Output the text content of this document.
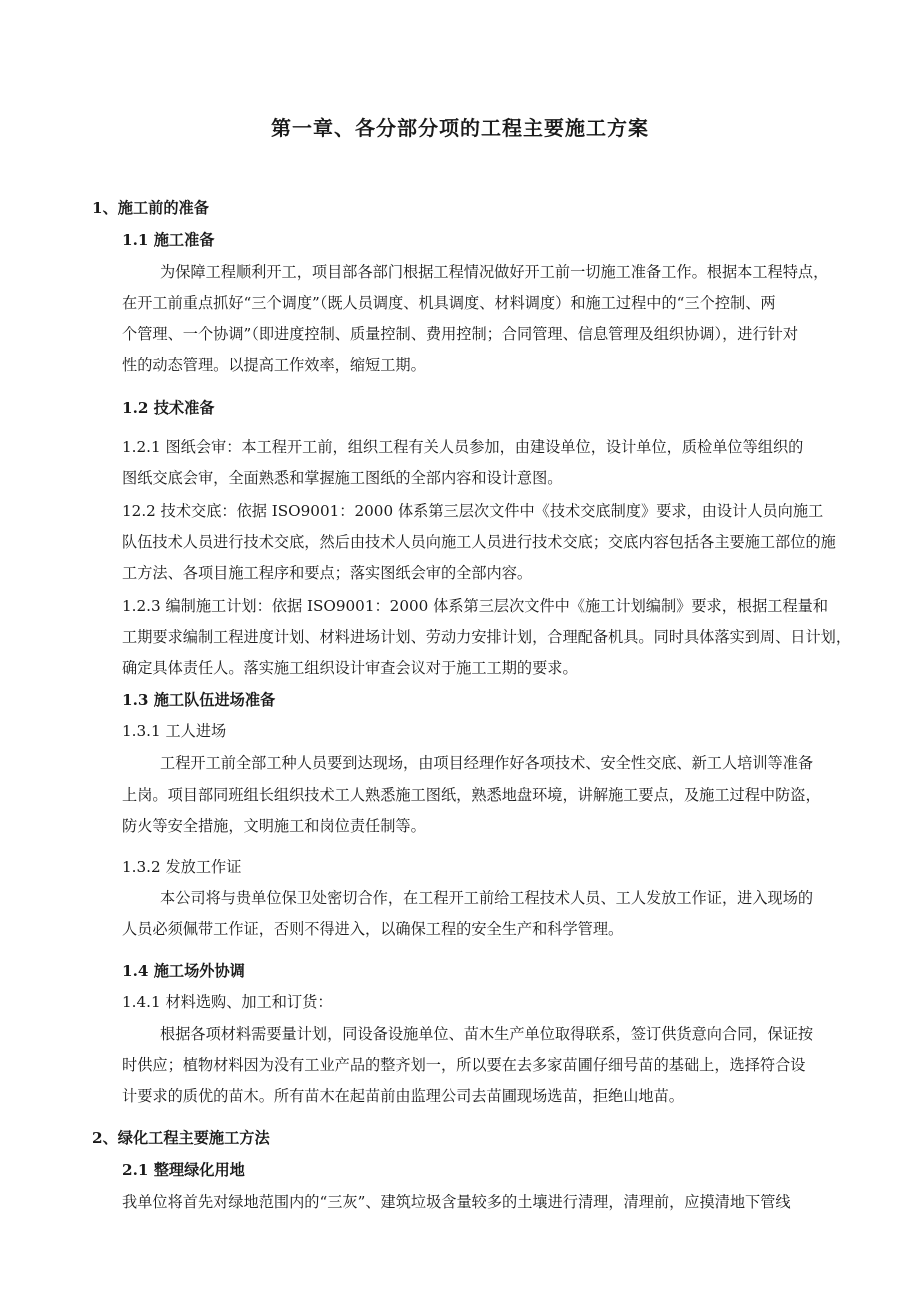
第一章、各分部分项的工程主要施工方案
1、施工前的准备
1.1 施工准备
为保障工程顺利开工，项目部各部门根据工程情况做好开工前一切施工准备工作。根据本工程特点，
在开工前重点抓好“三个调度”（既人员调度、机具调度、材料调度）和施工过程中的“三个控制、两
个管理、一个协调”（即进度控制、质量控制、费用控制；合同管理、信息管理及组织协调），进行针对
性的动态管理。以提高工作效率，缩短工期。
1.2 技术准备
1.2.1 图纸会审：本工程开工前，组织工程有关人员参加，由建设单位，设计单位，质检单位等组织的
图纸交底会审，全面熟悉和掌握施工图纸的全部内容和设计意图。
12.2 技术交底：依据 ISO9001：2000 体系第三层次文件中《技术交底制度》要求，由设计人员向施工
队伍技术人员进行技术交底，然后由技术人员向施工人员进行技术交底；交底内容包括各主要施工部位的施
工方法、各项目施工程序和要点；落实图纸会审的全部内容。
1.2.3 编制施工计划：依据 ISO9001：2000 体系第三层次文件中《施工计划编制》要求，根据工程量和
工期要求编制工程进度计划、材料进场计划、劳动力安排计划，合理配备机具。同时具体落实到周、日计划，
确定具体责任人。落实施工组织设计审查会议对于施工工期的要求。
1.3 施工队伍进场准备
1.3.1 工人进场
工程开工前全部工种人员要到达现场，由项目经理作好各项技术、安全性交底、新工人培训等准备
上岗。项目部同班组长组织技术工人熟悉施工图纸，熟悉地盘环境，讲解施工要点，及施工过程中防盗，
防火等安全措施，文明施工和岗位责任制等。
1.3.2 发放工作证
本公司将与贵单位保卫处密切合作，在工程开工前给工程技术人员、工人发放工作证，进入现场的
人员必须佩带工作证，否则不得进入，以确保工程的安全生产和科学管理。
1.4 施工场外协调
1.4.1 材料选购、加工和订货：
根据各项材料需要量计划，同设备设施单位、苗木生产单位取得联系，签订供货意向合同，保证按
时供应；植物材料因为没有工业产品的整齐划一，所以要在去多家苗圃仔细号苗的基础上，选择符合设
计要求的质优的苗木。所有苗木在起苗前由监理公司去苗圃现场选苗，拒绝山地苗。
2、绿化工程主要施工方法
2.1 整理绿化用地
我单位将首先对绿地范围内的“三灰”、建筑垃圾含量较多的土壤进行清理，清理前，应摸清地下管线
